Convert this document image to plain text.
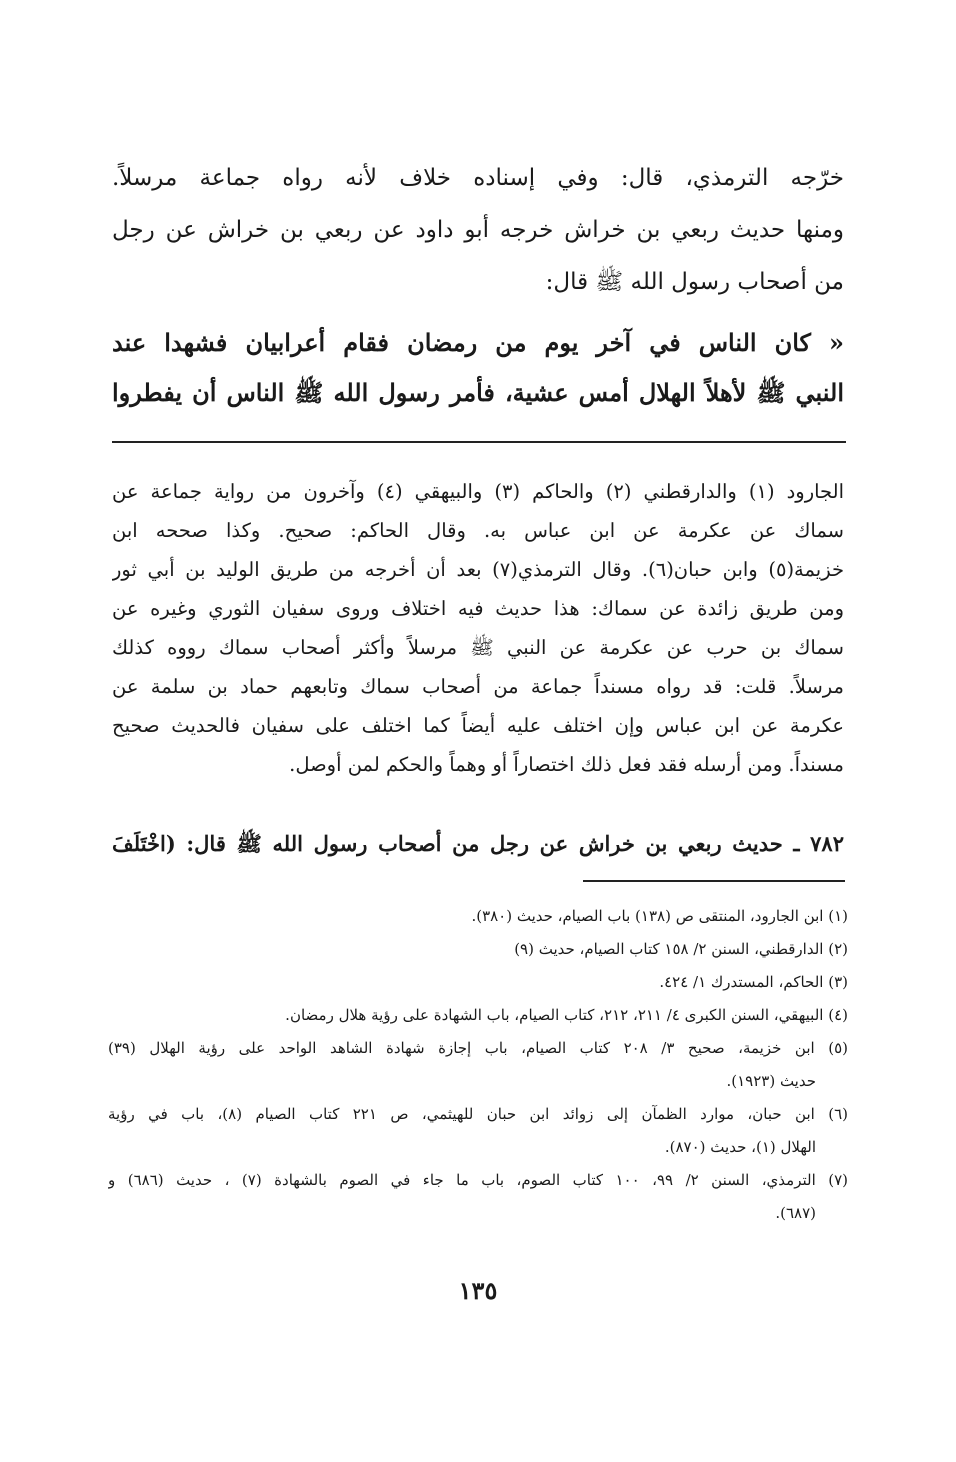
خرّجه الترمذي، قال: وفي إسناده خلاف لأنه رواه جماعة مرسلاً.
ومنها حديث ربعي بن خراش خرجه أبو داود عن ربعي بن خراش عن رجل
من أصحاب رسول الله ﷺ قال:
« كان الناس في آخر يوم من رمضان فقام أعرابيان فشهدا عند
النبي ﷺ لأهلاً الهلال أمس عشية، فأمر رسول الله ﷺ الناس أن يفطروا
الجارود (١) والدارقطني (٢) والحاكم (٣) والبيهقي (٤) وآخرون من رواية جماعة عن
سماك عن عكرمة عن ابن عباس به. وقال الحاكم: صحيح. وكذا صححه ابن
خزيمة(٥) وابن حبان(٦). وقال الترمذي(٧) بعد أن أخرجه من طريق الوليد بن أبي ثور
ومن طريق زائدة عن سماك: هذا حديث فيه اختلاف وروى سفيان الثوري وغيره عن
سماك بن حرب عن عكرمة عن النبي ﷺ مرسلاً وأكثر أصحاب سماك رووه كذلك
مرسلاً. قلت: قد رواه مسنداً جماعة من أصحاب سماك وتابعهم حماد بن سلمة عن
عكرمة عن ابن عباس وإن اختلف عليه أيضاً كما اختلف على سفيان فالحديث صحيح
مسنداً. ومن أرسله فقد فعل ذلك اختصاراً أو وهماً والحكم لمن أوصل.
٧٨٢ ـ حديث ربعي بن خراش عن رجل من أصحاب رسول الله ﷺ قال: (اخْتَلَفَ
(١) ابن الجارود، المنتقى ص (١٣٨) باب الصيام، حديث (٣٨٠).
(٢) الدارقطني، السنن ٢/ ١٥٨ كتاب الصيام، حديث (٩)
(٣) الحاكم، المستدرك ١/ ٤٢٤.
(٤) البيهقي، السنن الكبرى ٤/ ٢١١، ٢١٢، كتاب الصيام، باب الشهادة على رؤية هلال رمضان.
(٥) ابن خزيمة، صحيح ٣/ ٢٠٨ كتاب الصيام، باب إجازة شهادة الشاهد الواحد على رؤية الهلال (٣٩)
حديث (١٩٢٣).
(٦) ابن حبان، موارد الظمآن إلى زوائد ابن حبان للهيثمي، ص ٢٢١ كتاب الصيام (٨)، باب في رؤية
الهلال (١)، حديث (٨٧٠).
(٧) الترمذي، السنن ٢/ ٩٩، ١٠٠ كتاب الصوم، باب ما جاء في الصوم بالشهادة (٧) ، حديث (٦٨٦) و
(٦٨٧).
١٣٥
